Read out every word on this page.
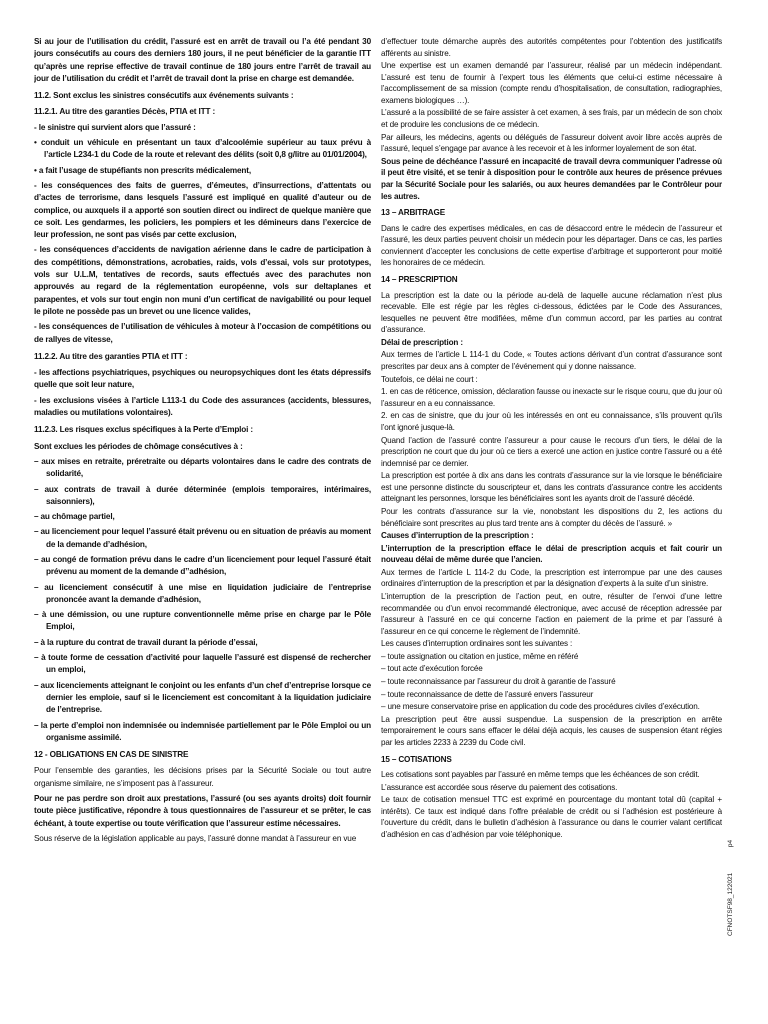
Si au jour de l’utilisation du crédit, l’assuré est en arrêt de travail ou l’a été pendant 30 jours consécutifs au cours des derniers 180 jours, il ne peut bénéficier de la garantie ITT qu’après une reprise effective de travail continue de 180 jours entre l’arrêt de travail au jour de l’utilisation du crédit et l’arrêt de travail dont la prise en charge est demandée.

11.2. Sont exclus les sinistres consécutifs aux événements suivants :

11.2.1. Au titre des garanties Décès, PTIA et ITT :

- le sinistre qui survient alors que l’assuré :

• conduit un véhicule en présentant un taux d’alcoolémie supérieur au taux prévu à l’article L234-1 du Code de la route et relevant des délits (soit 0,8 g/litre au 01/01/2004),

• a fait l’usage de stupéfiants non prescrits médicalement,

- les conséquences des faits de guerres, d’émeutes, d’insurrections, d’attentats ou d’actes de terrorisme, dans lesquels l’assuré est impliqué en qualité d’auteur ou de complice, ou auxquels il a apporté son soutien direct ou indirect de quelque manière que ce soit. Les gendarmes, les policiers, les pompiers et les démineurs dans l’exercice de leur profession, ne sont pas visés par cette exclusion,

- les conséquences d’accidents de navigation aérienne dans le cadre de participation à des compétitions, démonstrations, acrobaties, raids, vols d’essai, vols sur prototypes, vols sur U.L.M, tentatives de records, sauts effectués avec des parachutes non approuvés au regard de la réglementation européenne, vols sur deltaplanes et parapentes, et vols sur tout engin non muni d’un certificat de navigabilité ou pour lequel le pilote ne possède pas un brevet ou une licence valides,

- les conséquences de l’utilisation de véhicules à moteur à l’occasion de compétitions ou de rallyes de vitesse,

11.2.2. Au titre des garanties PTIA et ITT :

- les affections psychiatriques, psychiques ou neuropsychiques dont les états dépressifs quelle que soit leur nature,

- les exclusions visées à l’article L113-1 du Code des assurances (accidents, blessures, maladies ou mutilations volontaires).

11.2.3. Les risques exclus spécifiques à la Perte d’Emploi :

Sont exclues les périodes de chômage consécutives à :

– aux mises en retraite, préretraite ou départs volontaires dans le cadre des contrats de solidarité,

– aux contrats de travail à durée déterminée (emplois temporaires, intérimaires, saisonniers),

– au chômage partiel,

– au licenciement pour lequel l’assuré était prévenu ou en situation de préavis au moment de la demande d’adhésion,

– au congé de formation prévu dans le cadre d’un licenciement pour lequel l’assuré était prévenu au moment de la demande d’’adhésion,

– au licenciement consécutif à une mise en liquidation judiciaire de l’entreprise prononcée avant la demande d’adhésion,

– à une démission, ou une rupture conventionnelle même prise en charge par le Pôle Emploi,

– à la rupture du contrat de travail durant la période d’essai,

– à toute forme de cessation d’activité pour laquelle l’assuré est dispensé de rechercher un emploi,

– aux licenciements atteignant le conjoint ou les enfants d’un chef d’entreprise lorsque ce dernier les emploie, sauf si le licenciement est concomitant à la liquidation judiciaire de l’entreprise.

– la perte d’emploi non indemnisée ou indemnisée partiellement par le Pôle Emploi ou un organisme assimilé.

12 - OBLIGATIONS EN CAS DE SINISTRE

Pour l’ensemble des garanties, les décisions prises par la Sécurité Sociale ou tout autre organisme similaire, ne s’imposent pas à l’assureur.

Pour ne pas perdre son droit aux prestations, l’assuré (ou ses ayants droits) doit fournir toute pièce justificative, répondre à tous questionnaires de l’assureur et se prêter, le cas échéant, à toute expertise ou toute vérification que l’assureur estime nécessaires.

Sous réserve de la législation applicable au pays, l’assuré donne mandat à l’assureur en vue

d’effectuer toute démarche auprès des autorités compétentes pour l’obtention des justificatifs afférents au sinistre.

Une expertise est un examen demandé par l’assureur, réalisé par un médecin indépendant. L’assuré est tenu de fournir à l’expert tous les éléments que celui-ci estime nécessaire à l’accomplissement de sa mission (compte rendu d’hospitalisation, de consultation, radiographies, examens biologiques …).

L’assuré a la possibilité de se faire assister à cet examen, à ses frais, par un médecin de son choix et de produire les conclusions de ce médecin.

Par ailleurs, les médecins, agents ou délégués de l’assureur doivent avoir libre accès auprès de l’assuré, lequel s’engage par avance à les recevoir et à les informer loyalement de son état.

Sous peine de déchéance l’assuré en incapacité de travail devra communiquer l’adresse où il peut être visité, et se tenir à disposition pour le contrôle aux heures de présence prévues par la Sécurité Sociale pour les salariés, ou aux heures demandées par le Contrôleur pour les autres.

13 – ARBITRAGE

Dans le cadre des expertises médicales, en cas de désaccord entre le médecin de l’assureur et l’assuré, les deux parties peuvent choisir un médecin pour les départager. Dans ce cas, les parties conviennent d’accepter les conclusions de cette expertise d’arbitrage et supporteront pour moitié les honoraires de ce médecin.

14 – PRESCRIPTION

La prescription est la date ou la période au-delà de laquelle aucune réclamation n’est plus recevable. Elle est régie par les règles ci-dessous, édictées par le Code des Assurances, lesquelles ne peuvent être modifiées, même d’un commun accord, par les parties au contrat d’assurance.

Délai de prescription :

Aux termes de l’article L 114-1 du Code, « Toutes actions dérivant d’un contrat d’assurance sont prescrites par deux ans à compter de l’événement qui y donne naissance.

Toutefois, ce délai ne court :

1. en cas de réticence, omission, déclaration fausse ou inexacte sur le risque couru, que du jour où l’assureur en a eu connaissance.

2. en cas de sinistre, que du jour où les intéressés en ont eu connaissance, s’ils prouvent qu’ils l’ont ignoré jusque-là.

Quand l’action de l’assuré contre l’assureur a pour cause le recours d’un tiers, le délai de la prescription ne court que du jour où ce tiers a exercé une action en justice contre l’assuré ou a été indemnisé par ce dernier.

La prescription est portée à dix ans dans les contrats d’assurance sur la vie lorsque le bénéficiaire est une personne distincte du souscripteur et, dans les contrats d’assurance contre les accidents atteignant les personnes, lorsque les bénéficiaires sont les ayants droit de l’assuré décédé.

Pour les contrats d’assurance sur la vie, nonobstant les dispositions du 2, les actions du bénéficiaire sont prescrites au plus tard trente ans à compter du décès de l’assuré. »

Causes d’interruption de la prescription :

L’interruption de la prescription efface le délai de prescription acquis et fait courir un nouveau délai de même durée que l’ancien.

Aux termes de l’article L 114-2 du Code, la prescription est interrompue par une des causes ordinaires d’interruption de la prescription et par la désignation d’experts à la suite d’un sinistre.

L’interruption de la prescription de l’action peut, en outre, résulter de l’envoi d’une lettre recommandée ou d’un envoi recommandé électronique, avec accusé de réception adressée par l’assureur à l’assuré en ce qui concerne l’action en paiement de la prime et par l’assuré à l’assureur en ce qui concerne le règlement de l’indemnité.

Les causes d’interruption ordinaires sont les suivantes :

– toute assignation ou citation en justice, même en référé

– tout acte d’exécution forcée

– toute reconnaissance par l’assureur du droit à garantie de l’assuré

– toute reconnaissance de dette de l’assuré envers l’assureur

– une mesure conservatoire prise en application du code des procédures civiles d’exécution.

La prescription peut être aussi suspendue. La suspension de la prescription en arrête temporairement le cours sans effacer le délai déjà acquis, les causes de suspension étant régies par les articles 2233 à 2239 du Code civil.

15 – COTISATIONS

Les cotisations sont payables par l’assuré en même temps que les échéances de son crédit.

L’assurance est accordée sous réserve du paiement des cotisations.

Le taux de cotisation mensuel TTC est exprimé en pourcentage du montant total dû (capital + intérêts). Ce taux est indiqué dans l’offre préalable de crédit ou si l’adhésion est postérieure à l’ouverture du crédit, dans le bulletin d’adhésion à l’assurance ou dans le courrier valant certificat d’adhésion en cas d’adhésion par voie téléphonique.

CFNOTSF98_122021  p4
